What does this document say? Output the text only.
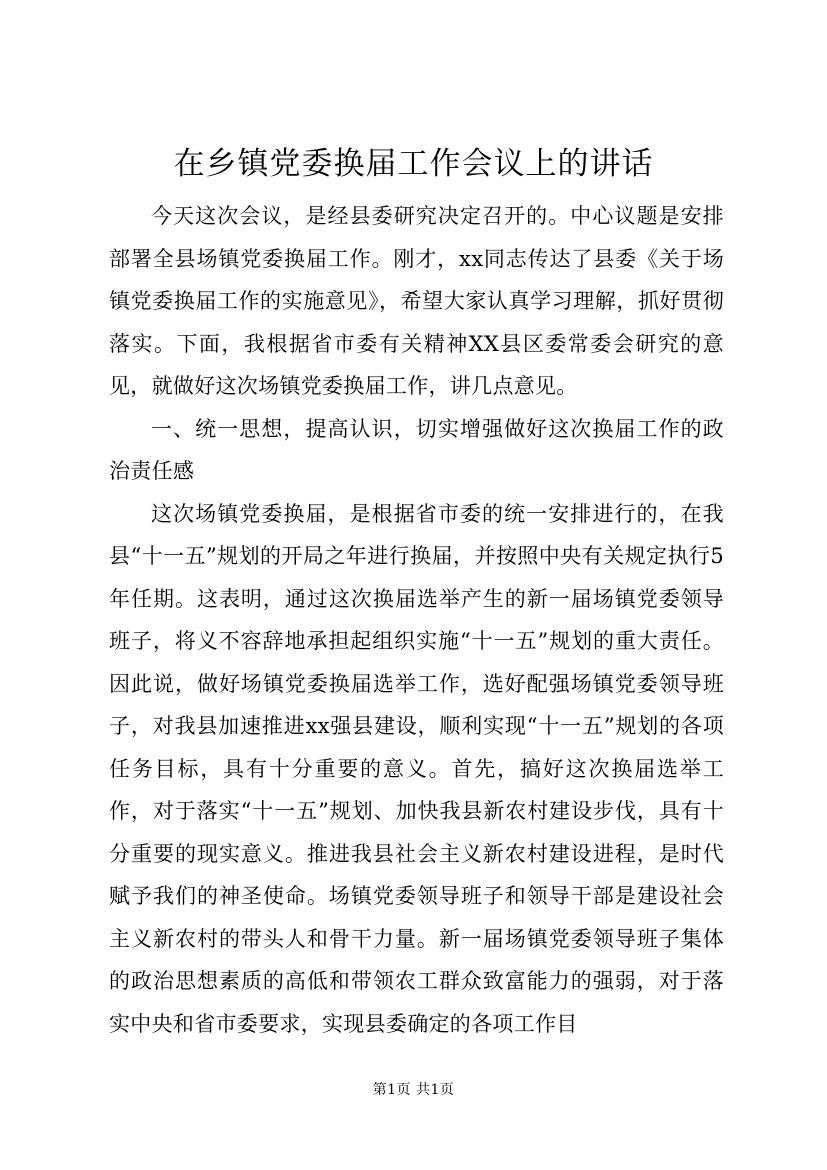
在乡镇党委换届工作会议上的讲话

今天这次会议，是经县委研究决定召开的。中心议题是安排部署全县场镇党委换届工作。刚才，xx同志传达了县委《关于场镇党委换届工作的实施意见》，希望大家认真学习理解，抓好贯彻落实。下面，我根据省市委有关精神XX县区委常委会研究的意见，就做好这次场镇党委换届工作，讲几点意见。

一、统一思想，提高认识，切实增强做好这次换届工作的政治责任感

这次场镇党委换届，是根据省市委的统一安排进行的，在我县“十一五”规划的开局之年进行换届，并按照中央有关规定执行5年任期。这表明，通过这次换届选举产生的新一届场镇党委领导班子，将义不容辞地承担起组织实施“十一五”规划的重大责任。因此说，做好场镇党委换届选举工作，选好配强场镇党委领导班子，对我县加速推进xx强县建设，顺利实现“十一五”规划的各项任务目标，具有十分重要的意义。首先，搞好这次换届选举工作，对于落实“十一五”规划、加快我县新农村建设步伐，具有十分重要的现实意义。推进我县社会主义新农村建设进程，是时代赋予我们的神圣使命。场镇党委领导班子和领导干部是建设社会主义新农村的带头人和骨干力量。新一届场镇党委领导班子集体的政治思想素质的高低和带领农工群众致富能力的强弱，对于落实中央和省市委要求，实现县委确定的各项工作目

第1页 共1页
